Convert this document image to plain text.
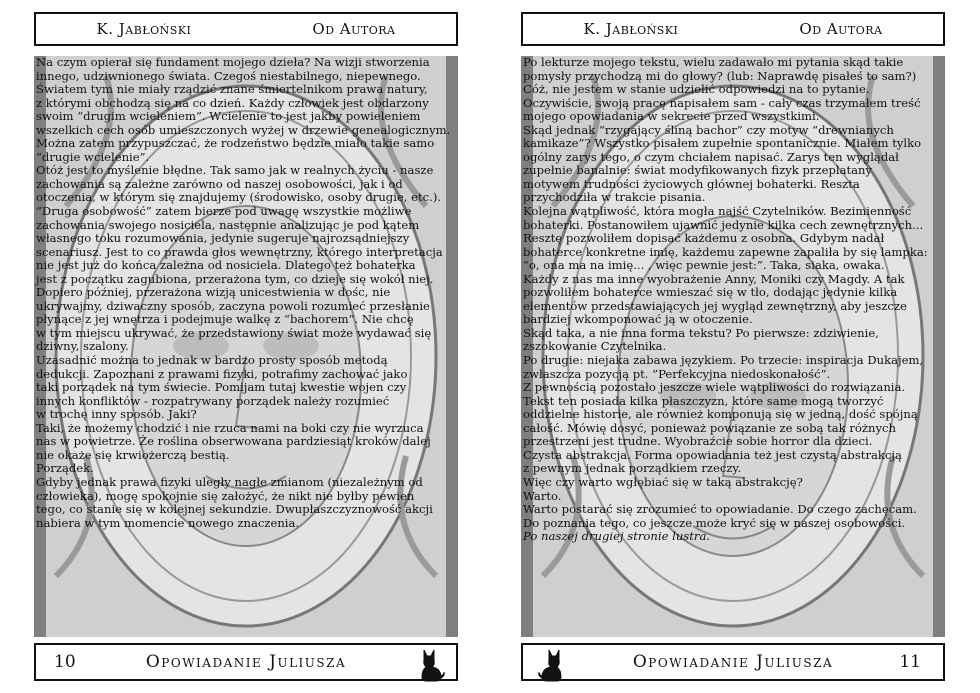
K. Jabłoński	Od Autora

Na czym opierał się fundament mojego dzieła? Na wizji stworzenia

innego, udziwnionego świata. Czegoś niestabilnego, niepewnego.

Światem tym nie miały rządzić znane śmiertelnikom prawa natury,

z którymi obchodzą się na co dzień. Każdy człowiek jest obdarzony

swoim “drugim wcieleniem”. Wcielenie to jest jakby powieleniem

wszelkich cech osób umieszczonych wyżej w drzewie genealogicznym.

Można zatem przypuszczać, że rodzeństwo będzie miało takie samo

“drugie wcielenie”.

Otóż jest to myślenie błędne. Tak samo jak w realnych życiu - nasze

zachowania są zależne zarówno od naszej osobowości, jak i od

otoczenia, w którym się znajdujemy (środowisko, osoby drugie, etc.).

“Druga osobowość” zatem bierze pod uwagę wszystkie możliwe

zachowania swojego nosiciela, następnie analizując je pod kątem

własnego toku rozumowania, jedynie sugeruje najrozsądniejszy

scenariusz. Jest to co prawda głos wewnętrzny, którego interpretacja

nie jest już do końca zależna od nosiciela. Dlatego też bohaterka

jest z początku zagubiona, przerażona tym, co dzieje się wokół niej.

Dopiero później, przerażona wizją unicestwienia w dośc, nie

ukrywajmy, dziwaczny sposób, zaczyna powoli rozumieć przesłanie

płynące z jej wnętrza i podejmuje walkę z “bachorem”. Nie chcę

w tym miejscu ukrywać, że przedstawiony świat może wydawać się

dziwny, szalony.

Uzasadnić można to jednak w bardzo prosty sposób metodą

dedukcji. Zapoznani z prawami fizyki, potrafimy zachować jako

taki porządek na tym świecie. Pomijam tutaj kwestie wojen czy

innych konfliktów - rozpatrywany porządek należy rozumieć

w trochę inny sposób. Jaki?

Taki, że możemy chodzić i nie rzuca nami na boki czy nie wyrzuca

nas w powietrze. Że roślina obserwowana pardziesiąt kroków dalej

nie okaże się krwiożerczą bestią.

Porządek.

Gdyby jednak prawa fizyki uległy nagłe zmianom (niezależnym od

człowieka), mogę spokojnie się założyć, że nikt nie byłby pewien

tego, co stanie się w kolejnej sekundzie. Dwupłaszczyznowość akcji

nabiera w tym momencie nowego znaczenia.

10	Opowiadanie Juliusza
K. Jabłoński	Od Autora

Po lekturze mojego tekstu, wielu zadawało mi pytania skąd takie

pomysły przychodzą mi do głowy? (lub: Naprawdę pisałeś to sam?)

Cóż, nie jestem w stanie udzielić odpowiedzi na to pytanie.

Oczywiście, swoją pracę napisałem sam - cały czas trzymałem treść

mojego opowiadania w sekrecie przed wszystkimi.

Skąd jednak “rzygający śliną bachor” czy motyw “drewnianych

kamikaze”? Wszystko pisałem zupełnie spontanicznie. Miałem tylko

ogólny zarys tego, o czym chciałem napisać. Zarys ten wyglądał

zupełnie banalnie: świat modyfikowanych fizyk przeplatany

motywem trudności życiowych głównej bohaterki. Reszta

przychodziła w trakcie pisania.

Kolejna wątpliwość, która mogła najść Czytelników. Bezimienność

bohaterki. Postanowiłem ujawnić jedynie kilka cech zewnętrznych...

Resztę pozwoliłem dopisać każdemu z osobna. Gdybym nadał

bohaterce konkretne imię, każdemu zapewne zapaliła by się lampka:

“o, ona ma na imię... , więc pewnie jest:”. Taka, siaka, owaka.

Każdy z nas ma inne wyobrażenie Anny, Moniki czy Magdy. A tak

pozwoliłem bohaterce wmieszać się w tło, dodając jedynie kilka

elementów przedstawiających jej wygląd zewnętrzny, aby jeszcze

bardziej wkomponować ją w otoczenie.

Skąd taka, a nie inna forma tekstu? Po pierwsze: zdziwienie,

zszokowanie Czytelnika.

Po drugie: niejaka zabawa językiem. Po trzecie: inspiracja Dukajem,

zwłaszcza pozycją pt. ”Perfekcyjna niedoskonałość”.

Z pewnością pozostało jeszcze wiele wątpliwości do rozwiązania.

Tekst ten posiada kilka płaszczyzn, które same mogą tworzyć

oddzielne historie, ale również komponują się w jedną, dość spójną

całość. Mówię dosyć, ponieważ powiązanie ze sobą tak różnych

przestrzeni jest trudne. Wyobraźcie sobie horror dla dzieci.

Czysta abstrakcja. Forma opowiadania też jest czystą abstrakcją

z pewnym jednak porządkiem rzeczy.

Więc czy warto wgłębiać się w taką abstrakcję?

Warto.

Warto postarać się zrozumieć to opowiadanie. Do czego zachęcam.

Do poznania tego, co jeszcze może kryć się w naszej osobowości.

Po naszej drugiej stronie lustra.

Opowiadanie Juliusza	11
